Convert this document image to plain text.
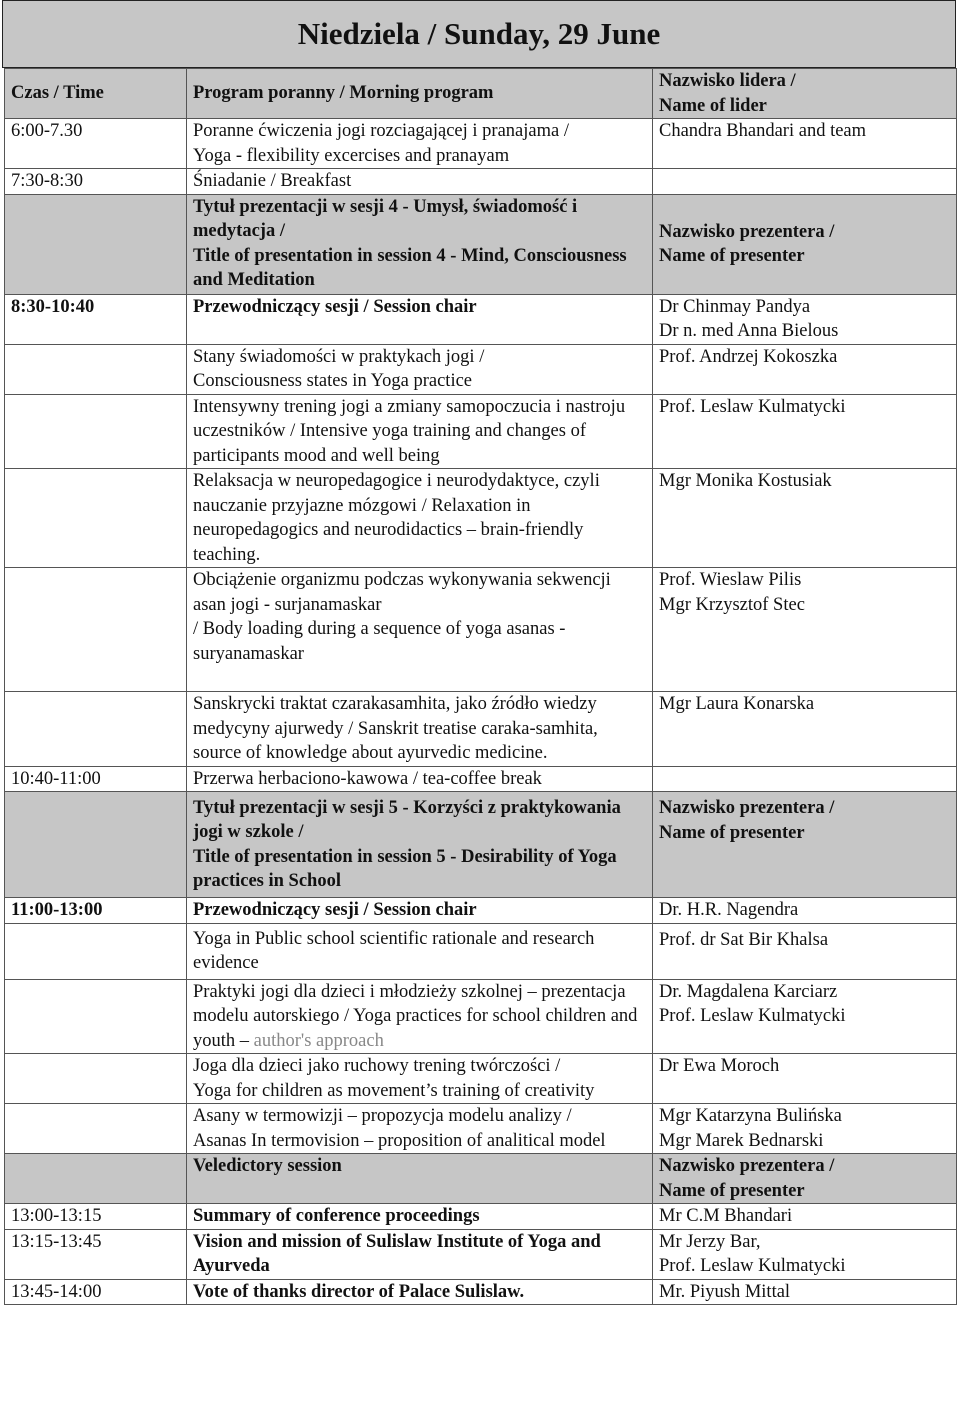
Niedziela / Sunday, 29 June
Czas / Time	Program poranny / Morning program	Nazwisko lidera /
Name of lider
6:00-7.30	Poranne ćwiczenia jogi rozciagającej i pranajama /
Yoga - flexibility excercises and pranayam	Chandra Bhandari and team
7:30-8:30	Śniadanie / Breakfast	
	Tytuł prezentacji w sesji 4 - Umysł, świadomość i medytacja /
Title of presentation in session 4 - Mind, Consciousness and Meditation	Nazwisko prezentera /
Name of presenter
8:30-10:40	Przewodniczący sesji / Session chair	Dr Chinmay Pandya
Dr n. med Anna Bielous
	Stany świadomości w praktykach jogi /
Consciousness states in Yoga practice	Prof. Andrzej Kokoszka
	Intensywny trening jogi a zmiany samopoczucia i nastroju uczestników / Intensive yoga training and changes of participants mood and well being	Prof. Leslaw Kulmatycki
	Relaksacja w neuropedagogice i neurodydaktyce, czyli nauczanie przyjazne mózgowi / Relaxation in neuropedagogics and neurodidactics – brain-friendly teaching.	Mgr Monika Kostusiak
	Obciążenie organizmu podczas wykonywania sekwencji asan jogi - surjanamaskar
/ Body loading during a sequence of yoga asanas - suryanamaskar	Prof. Wieslaw Pilis
Mgr Krzysztof Stec
	Sanskrycki traktat czarakasamhita, jako źródło wiedzy medycyny ajurwedy / Sanskrit treatise caraka-samhita, source of knowledge about ayurvedic medicine.	Mgr Laura Konarska
10:40-11:00	Przerwa herbaciono-kawowa / tea-coffee break	
	Tytuł prezentacji w sesji 5 - Korzyści z praktykowania jogi w szkole /
Title of presentation in session 5 - Desirability of Yoga practices in School	Nazwisko prezentera /
Name of presenter
11:00-13:00	Przewodniczący sesji / Session chair	Dr. H.R. Nagendra
	Yoga in Public school scientific rationale and research evidence	Prof. dr Sat Bir Khalsa
	Praktyki jogi dla dzieci i młodzieży szkolnej – prezentacja modelu autorskiego / Yoga practices for school children and youth – author's approach	Dr. Magdalena Karciarz
Prof. Leslaw Kulmatycki
	Joga dla dzieci jako ruchowy trening twórczości /
Yoga for children as movement’s training of creativity	Dr Ewa Moroch
	Asany w termowizji – propozycja modelu analizy /
Asanas In termovision – proposition of analitical model	Mgr Katarzyna Bulińska
Mgr Marek Bednarski
	Veledictory session	Nazwisko prezentera /
Name of presenter
13:00-13:15	Summary of conference proceedings	Mr C.M Bhandari
13:15-13:45	Vision and mission of Sulislaw Institute of Yoga and Ayurveda	Mr Jerzy Bar,
Prof. Leslaw Kulmatycki
13:45-14:00	Vote of thanks director of Palace Sulislaw.	Mr. Piyush Mittal
